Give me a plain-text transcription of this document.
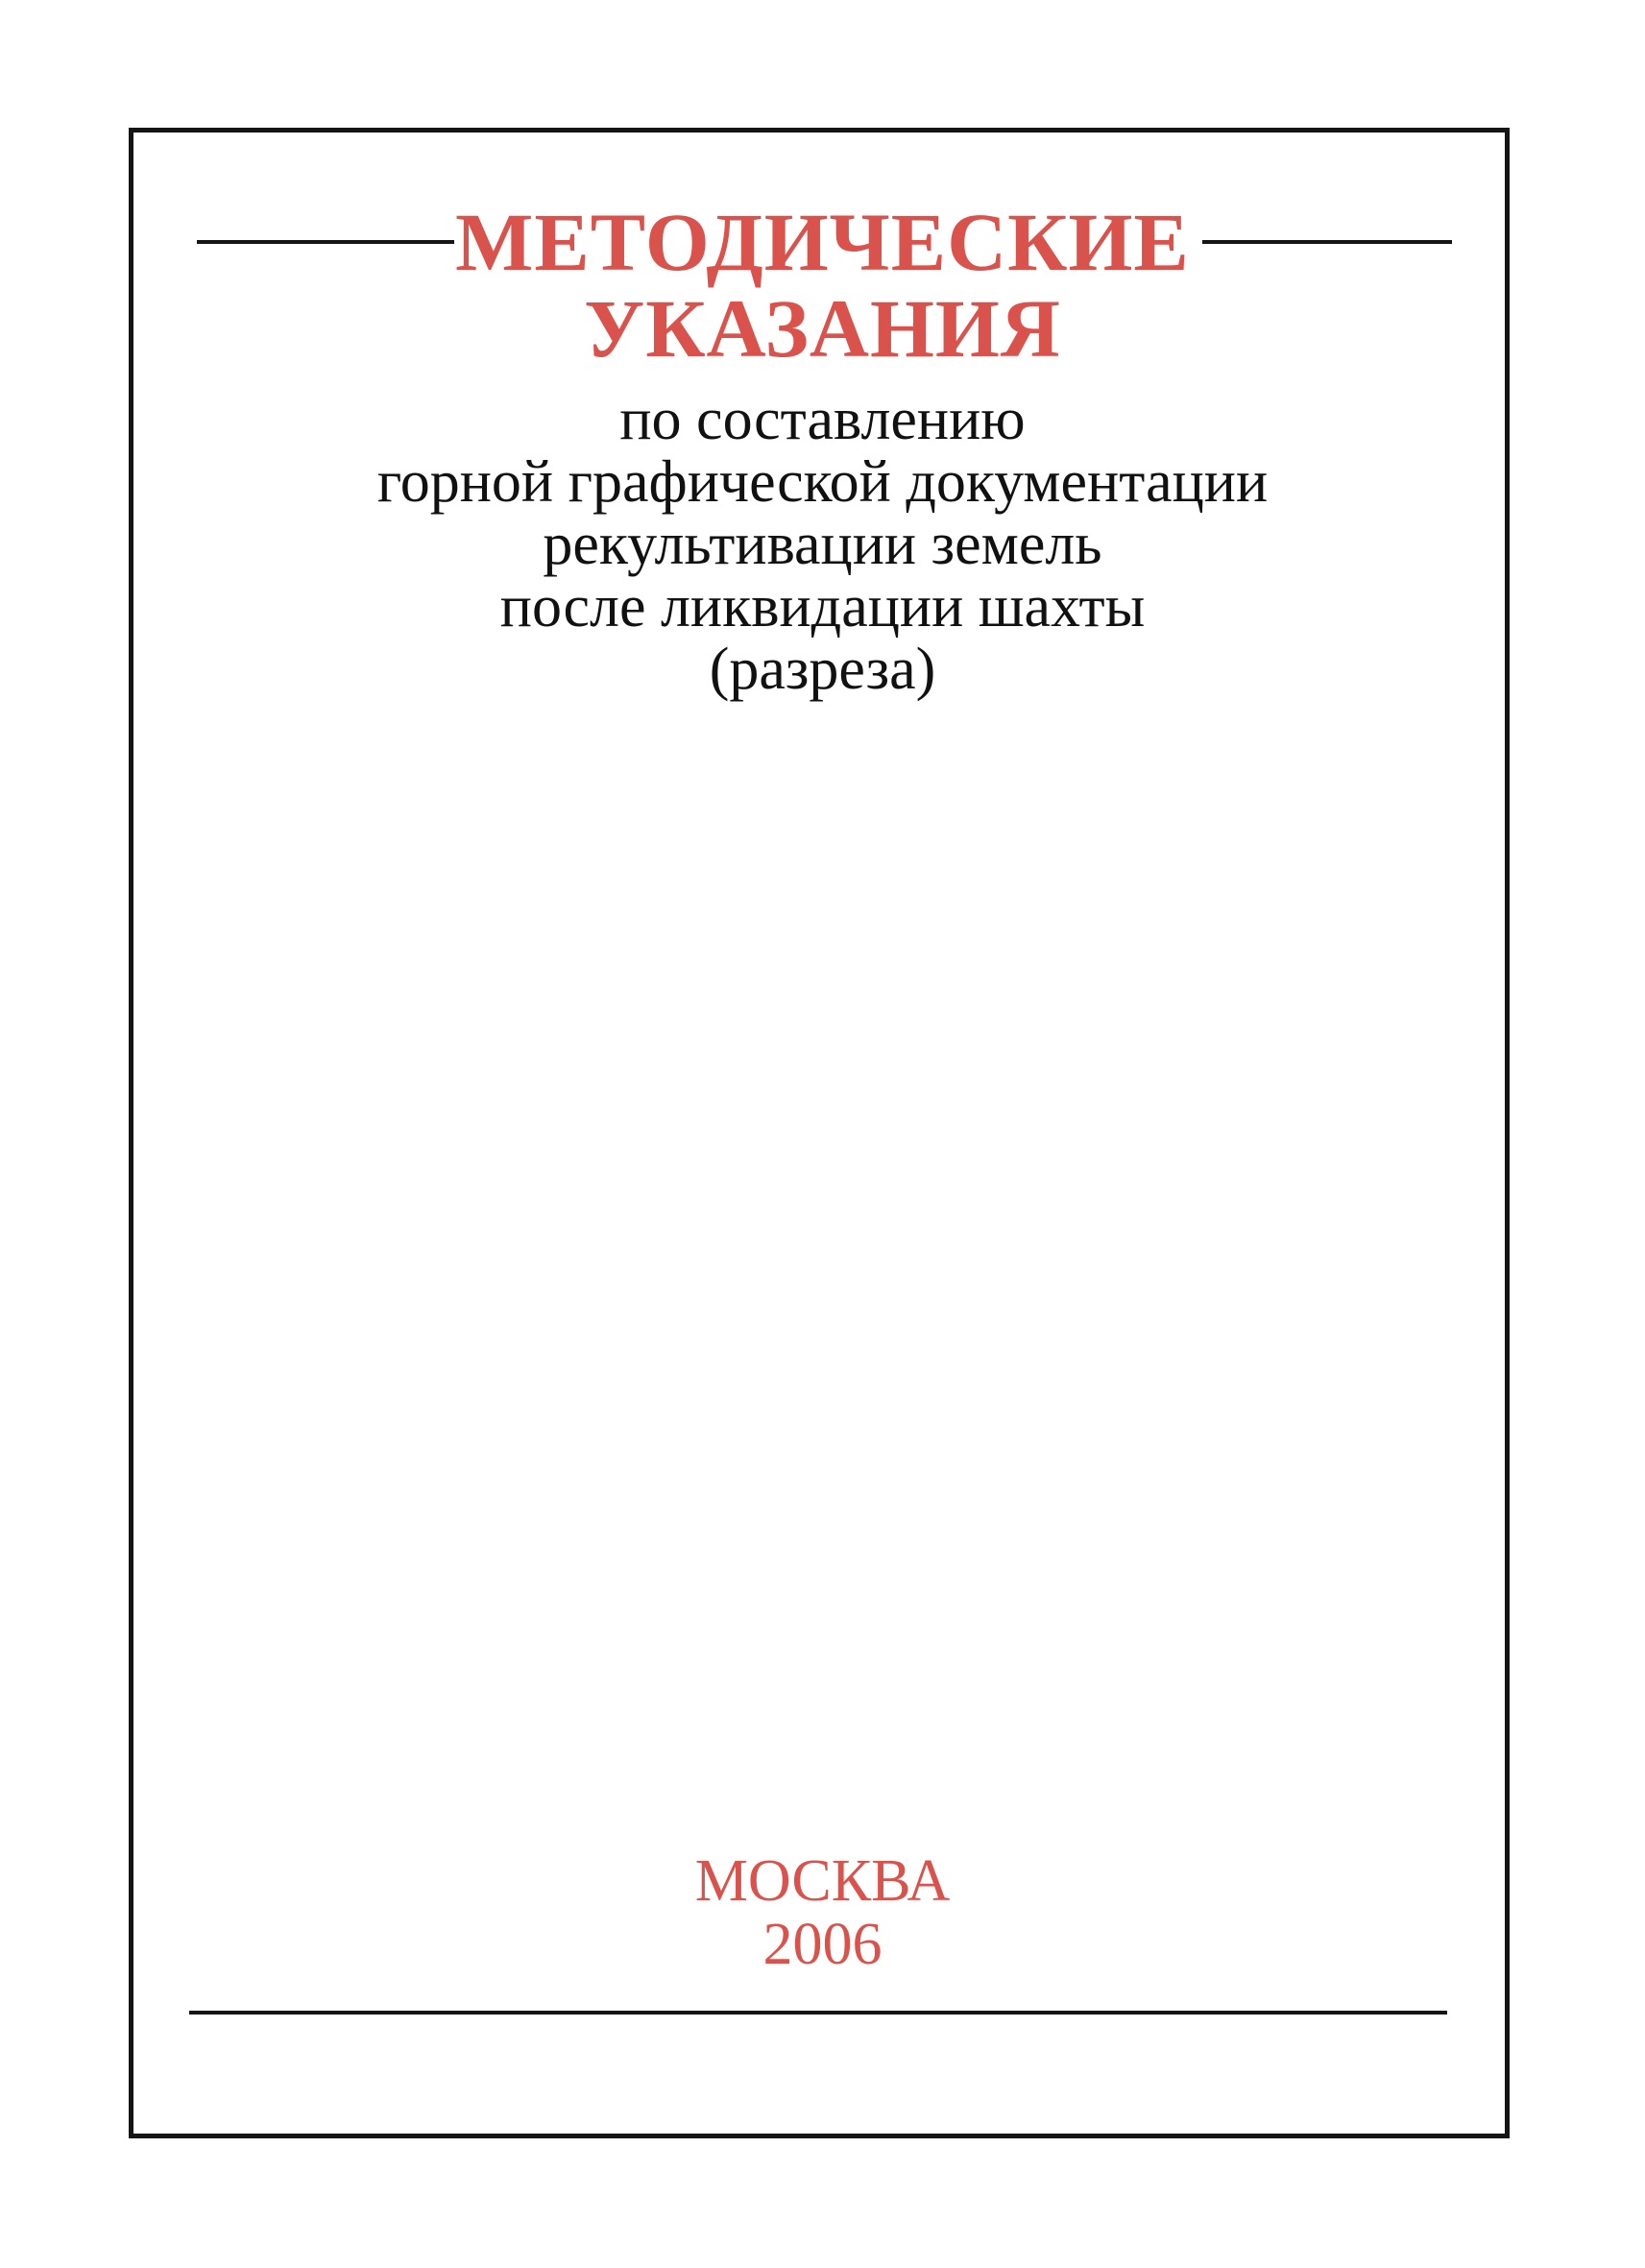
МЕТОДИЧЕСКИЕ
УКАЗАНИЯ
по составлению
горной графической документации
рекультивации земель
после ликвидации шахты
(разреза)
МОСКВА
2006
